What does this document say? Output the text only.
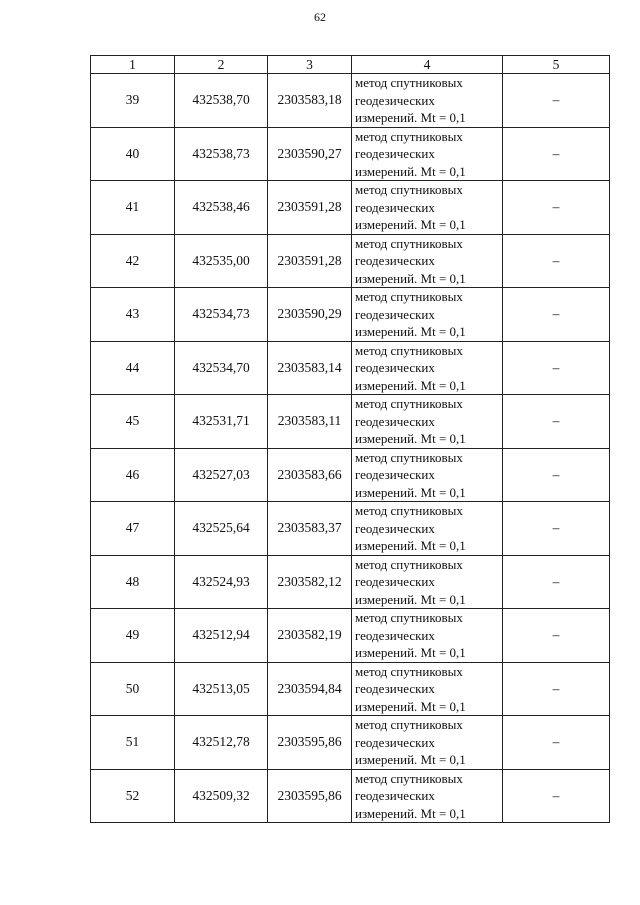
62
1	2	3	4	5
39	432538,70	2303583,18	метод спутниковых
геодезических
измерений. Mt = 0,1	–
40	432538,73	2303590,27	метод спутниковых
геодезических
измерений. Mt = 0,1	–
41	432538,46	2303591,28	метод спутниковых
геодезических
измерений. Mt = 0,1	–
42	432535,00	2303591,28	метод спутниковых
геодезических
измерений. Mt = 0,1	–
43	432534,73	2303590,29	метод спутниковых
геодезических
измерений. Mt = 0,1	–
44	432534,70	2303583,14	метод спутниковых
геодезических
измерений. Mt = 0,1	–
45	432531,71	2303583,11	метод спутниковых
геодезических
измерений. Mt = 0,1	–
46	432527,03	2303583,66	метод спутниковых
геодезических
измерений. Mt = 0,1	–
47	432525,64	2303583,37	метод спутниковых
геодезических
измерений. Mt = 0,1	–
48	432524,93	2303582,12	метод спутниковых
геодезических
измерений. Mt = 0,1	–
49	432512,94	2303582,19	метод спутниковых
геодезических
измерений. Mt = 0,1	–
50	432513,05	2303594,84	метод спутниковых
геодезических
измерений. Mt = 0,1	–
51	432512,78	2303595,86	метод спутниковых
геодезических
измерений. Mt = 0,1	–
52	432509,32	2303595,86	метод спутниковых
геодезических
измерений. Mt = 0,1	–
